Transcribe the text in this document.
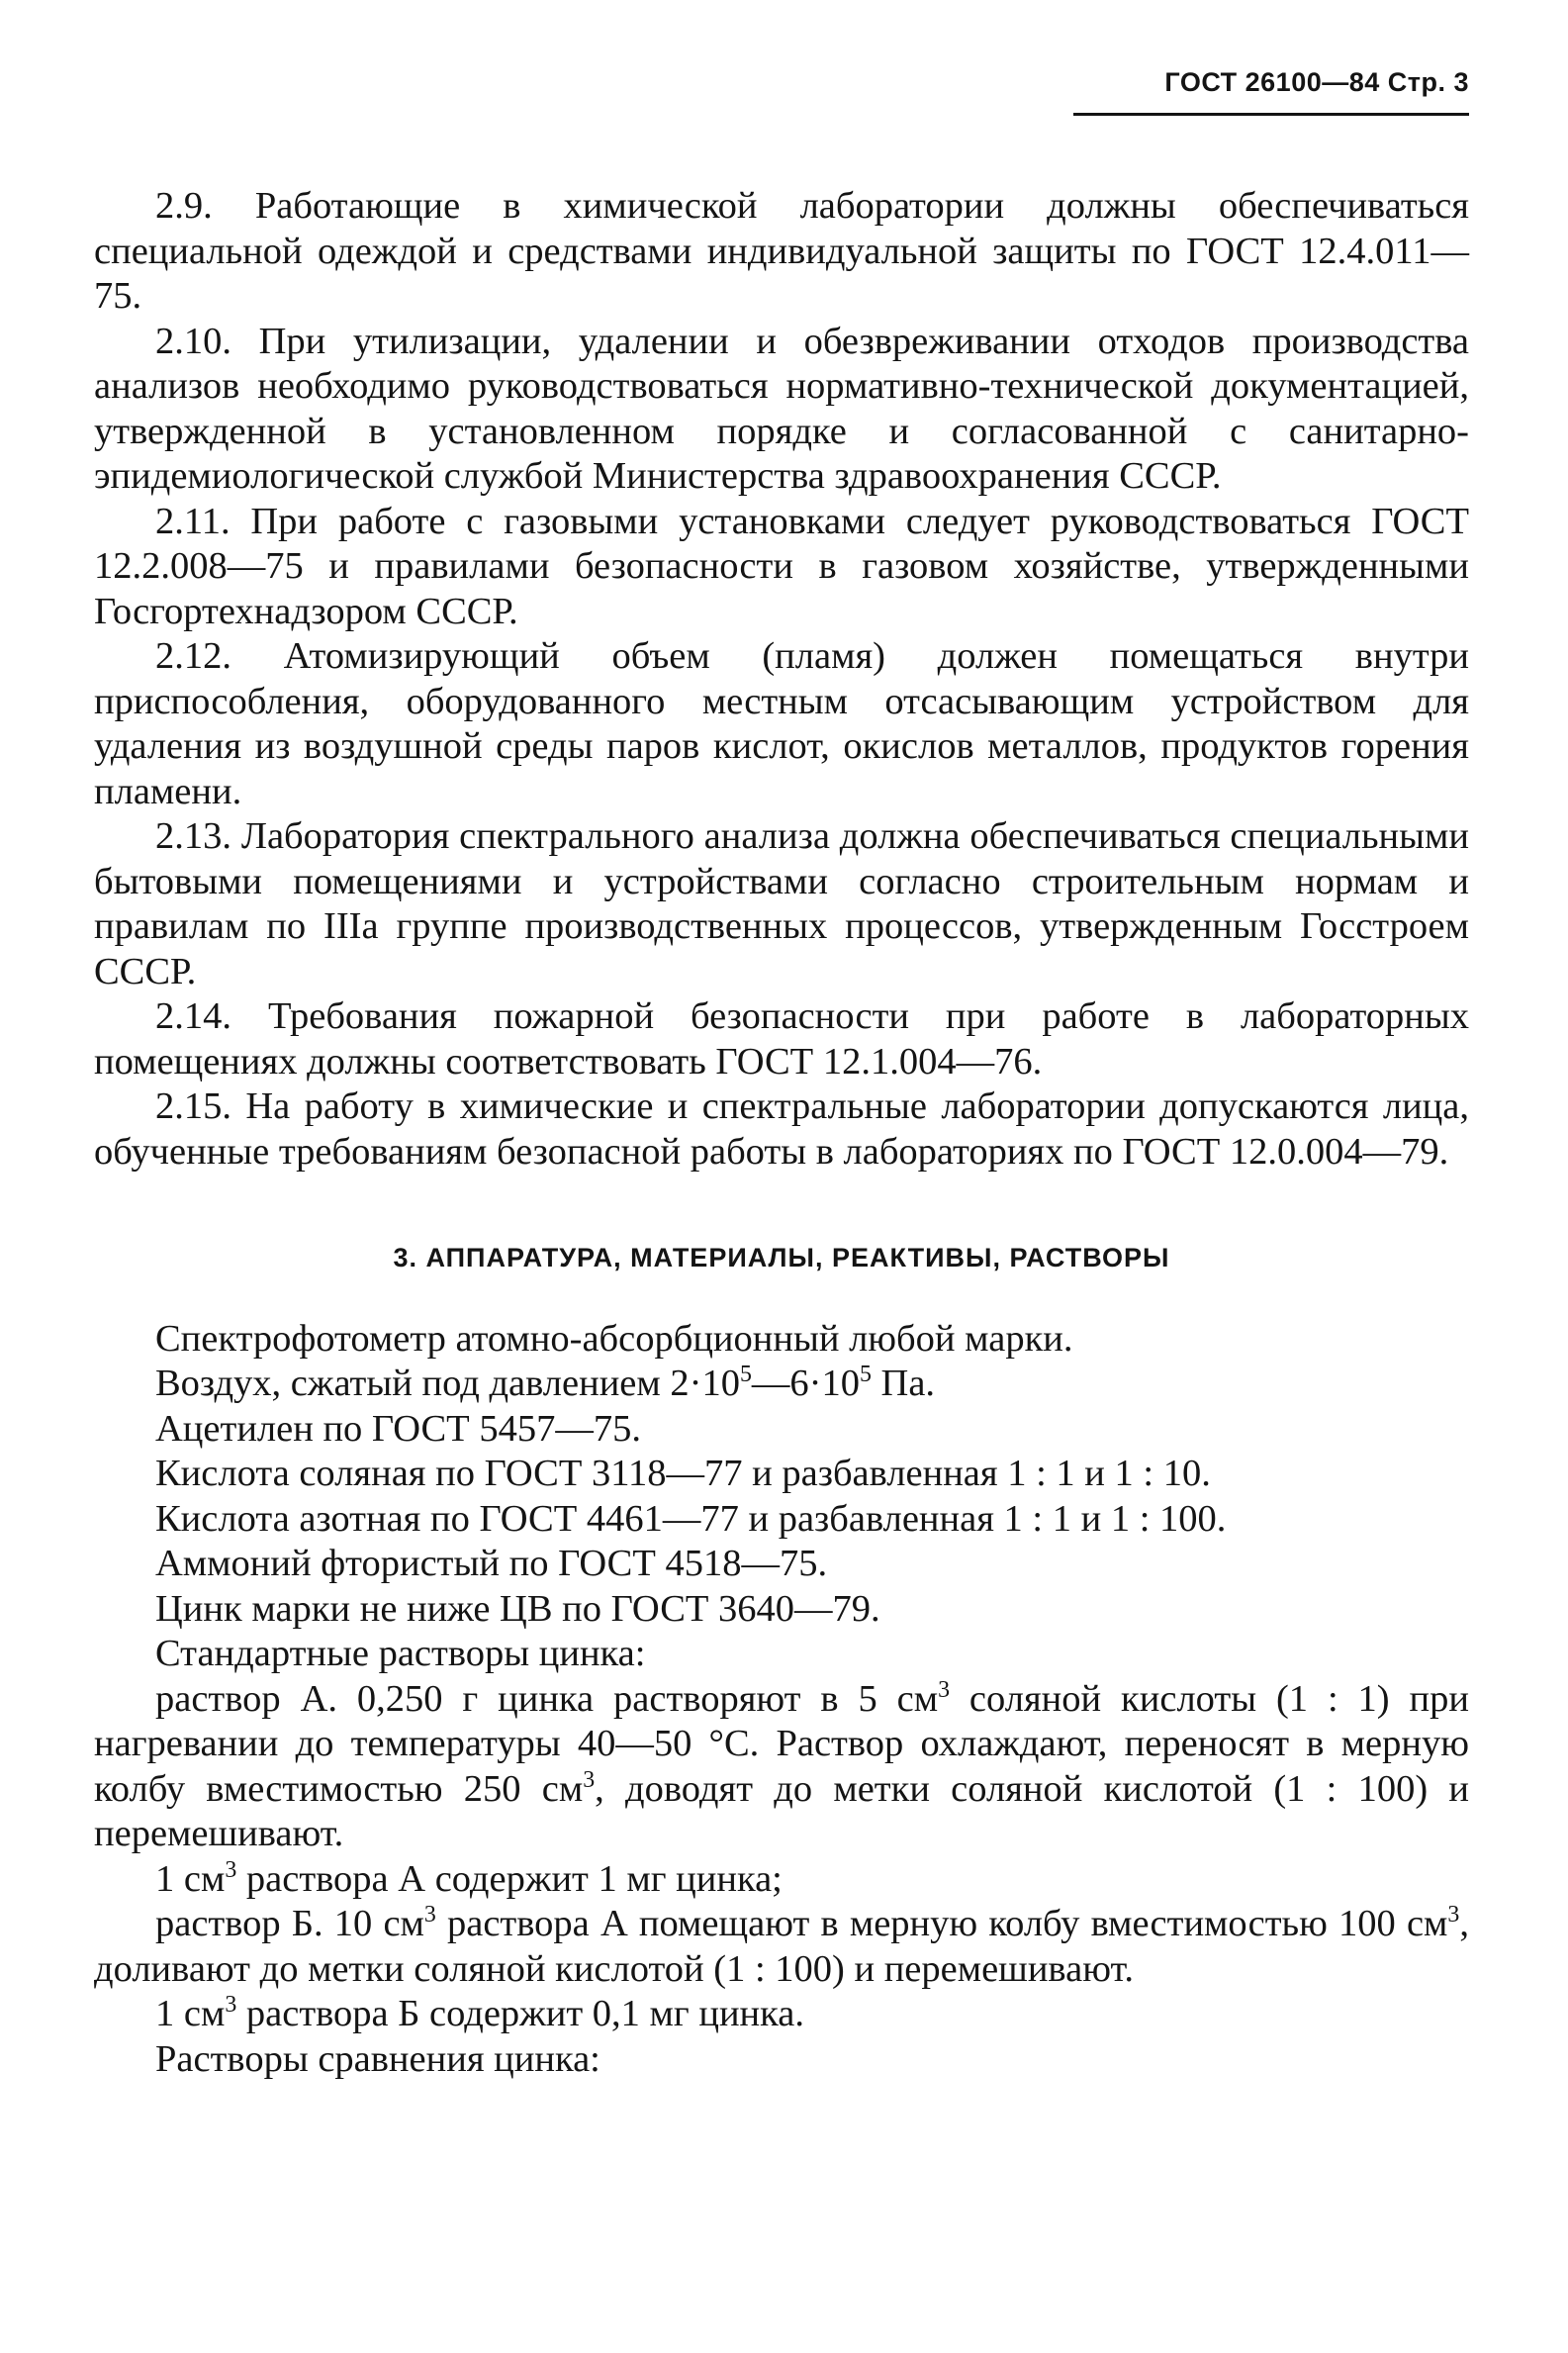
ГОСТ 26100—84 Стр. 3

2.9. Работающие в химической лаборатории должны обеспечиваться специальной одеждой и средствами индивидуальной защиты по ГОСТ 12.4.011—75.

2.10. При утилизации, удалении и обезвреживании отходов производства анализов необходимо руководствоваться нормативно-технической документацией, утвержденной в установленном порядке и согласованной с санитарно-эпидемиологической службой Министерства здравоохранения СССР.

2.11. При работе с газовыми установками следует руководствоваться ГОСТ 12.2.008—75 и правилами безопасности в газовом хозяйстве, утвержденными Госгортехнадзором СССР.

2.12. Атомизирующий объем (пламя) должен помещаться внутри приспособления, оборудованного местным отсасывающим устройством для удаления из воздушной среды паров кислот, окислов металлов, продуктов горения пламени.

2.13. Лаборатория спектрального анализа должна обеспечиваться специальными бытовыми помещениями и устройствами согласно строительным нормам и правилам по IIIа группе производственных процессов, утвержденным Госстроем СССР.

2.14. Требования пожарной безопасности при работе в лабораторных помещениях должны соответствовать ГОСТ 12.1.004—76.

2.15. На работу в химические и спектральные лаборатории допускаются лица, обученные требованиям безопасной работы в лабораториях по ГОСТ 12.0.004—79.

3. АППАРАТУРА, МАТЕРИАЛЫ, РЕАКТИВЫ, РАСТВОРЫ

Спектрофотометр атомно-абсорбционный любой марки.

Воздух, сжатый под давлением $2\cdot 10^5—6\cdot 10^5$ Па.

Ацетилен по ГОСТ 5457—75.

Кислота соляная по ГОСТ 3118—77 и разбавленная 1 : 1 и 1 : 10.

Кислота азотная по ГОСТ 4461—77 и разбавленная 1 : 1 и 1 : 100.

Аммоний фтористый по ГОСТ 4518—75.

Цинк марки не ниже ЦВ по ГОСТ 3640—79.

Стандартные растворы цинка:

раствор А. 0,250 г цинка растворяют в 5 $см^3$ соляной кислоты (1 : 1) при нагревании до температуры 40—50 °С. Раствор охлаждают, переносят в мерную колбу вместимостью 250 $см^3$, доводят до метки соляной кислотой (1 : 100) и перемешивают.

1 $см^3$ раствора А содержит 1 мг цинка;

раствор Б. 10 $см^3$ раствора А помещают в мерную колбу вместимостью 100 $см^3$, доливают до метки соляной кислотой (1 : 100) и перемешивают.

1 $см^3$ раствора Б содержит 0,1 мг цинка.

Растворы сравнения цинка:
